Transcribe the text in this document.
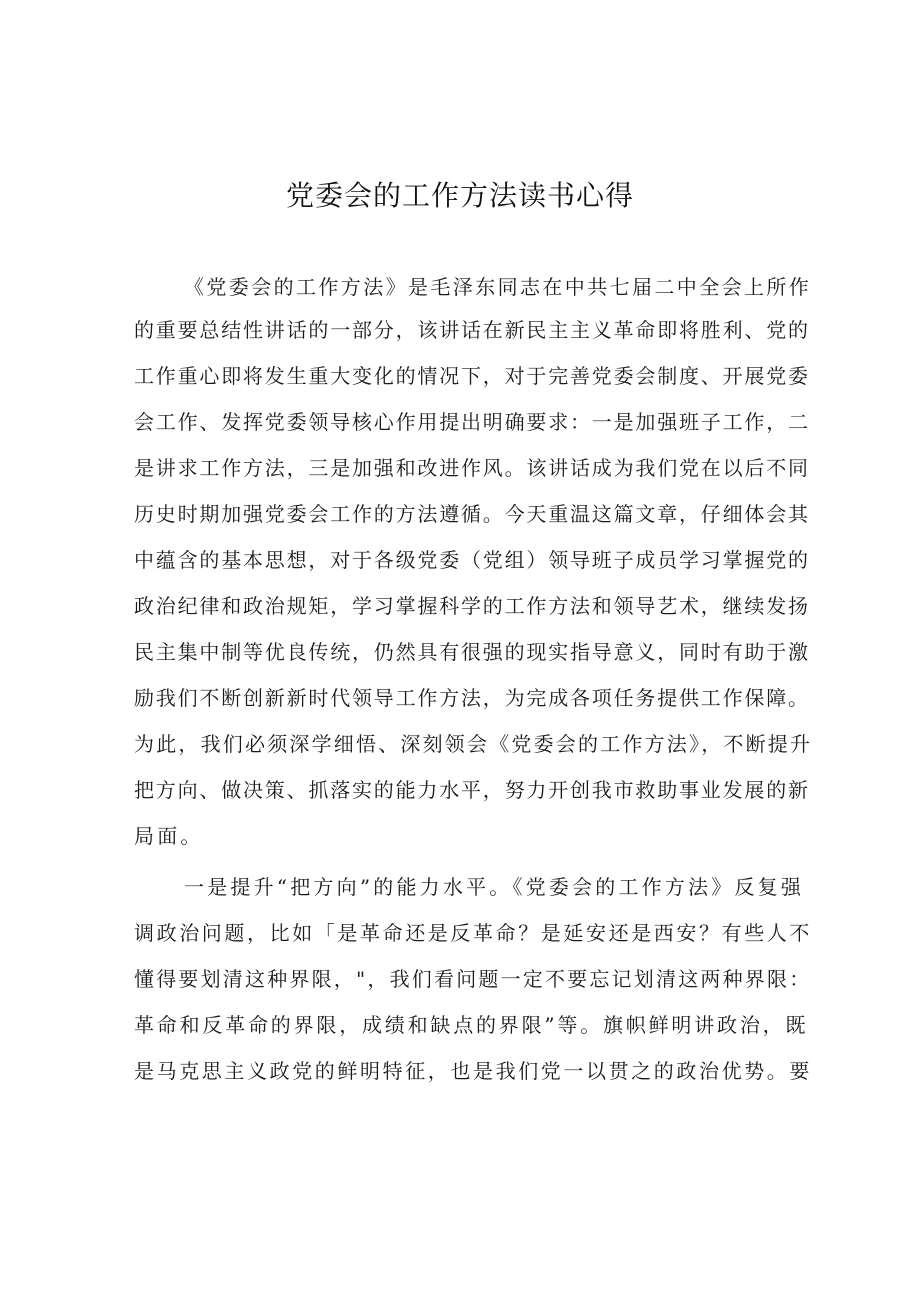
党委会的工作方法读书心得
《党委会的工作方法》是毛泽东同志在中共七届二中全会上所作
的重要总结性讲话的一部分，该讲话在新民主主义革命即将胜利、党的
工作重心即将发生重大变化的情况下，对于完善党委会制度、开展党委
会工作、发挥党委领导核心作用提出明确要求：一是加强班子工作，二
是讲求工作方法，三是加强和改进作风。该讲话成为我们党在以后不同
历史时期加强党委会工作的方法遵循。今天重温这篇文章，仔细体会其
中蕴含的基本思想，对于各级党委（党组）领导班子成员学习掌握党的
政治纪律和政治规矩，学习掌握科学的工作方法和领导艺术，继续发扬
民主集中制等优良传统，仍然具有很强的现实指导意义，同时有助于激
励我们不断创新新时代领导工作方法，为完成各项任务提供工作保障。
为此，我们必须深学细悟、深刻领会《党委会的工作方法》，不断提升
把方向、做决策、抓落实的能力水平，努力开创我市救助事业发展的新
局面。
一是提升“把方向”的能力水平。《党委会的工作方法》反复强
调政治问题，比如「是革命还是反革命？是延安还是西安？有些人不
懂得要划清这种界限，"，我们看问题一定不要忘记划清这两种界限：
革命和反革命的界限，成绩和缺点的界限”等。旗帜鲜明讲政治，既
是马克思主义政党的鲜明特征，也是我们党一以贯之的政治优势。要
